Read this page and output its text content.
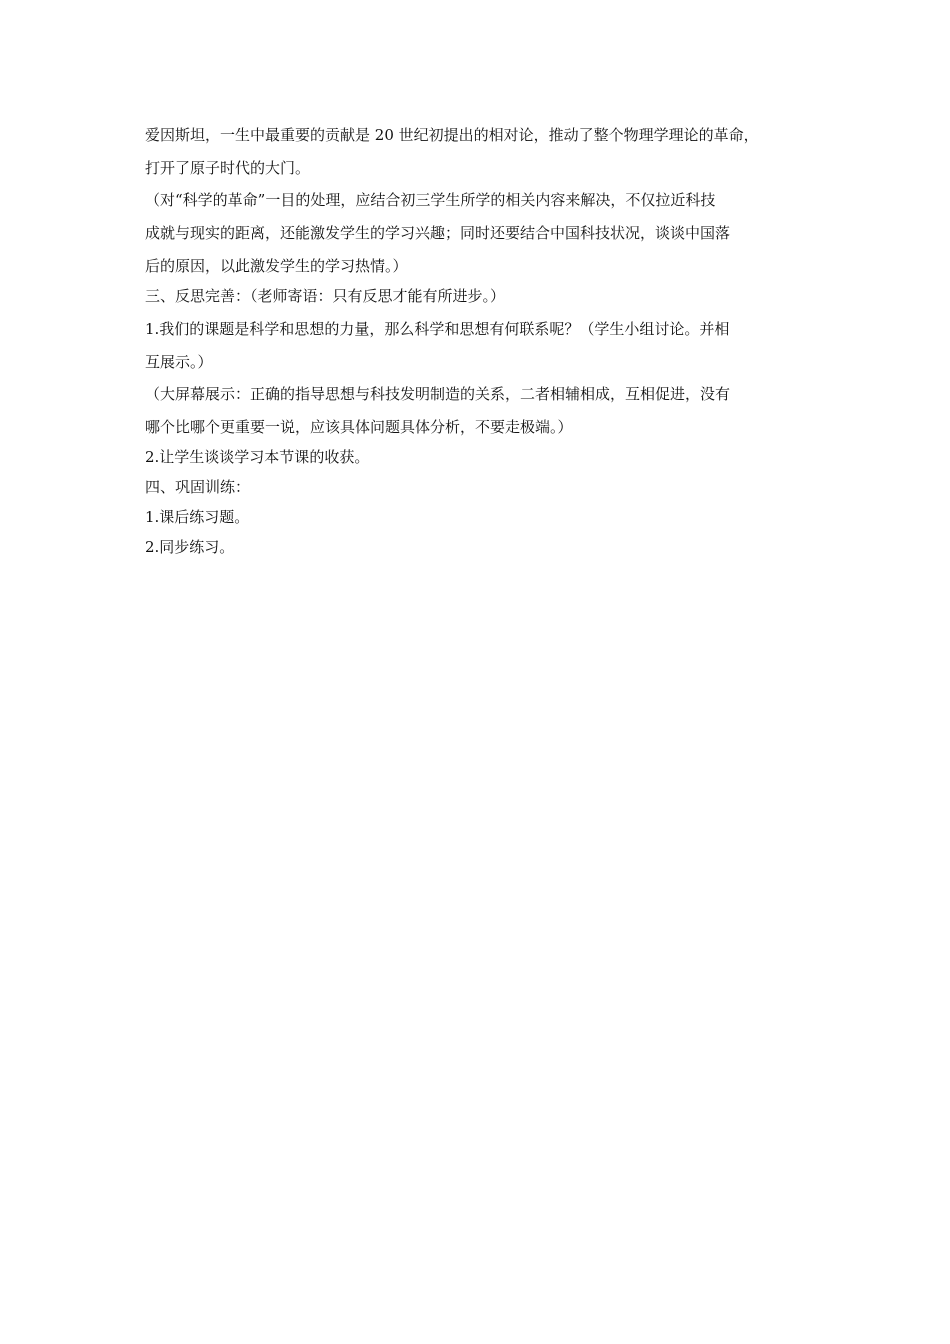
爱因斯坦，一生中最重要的贡献是 20 世纪初提出的相对论，推动了整个物理学理论的革命，

打开了原子时代的大门。

（对“科学的革命”一目的处理，应结合初三学生所学的相关内容来解决，不仅拉近科技

成就与现实的距离，还能激发学生的学习兴趣；同时还要结合中国科技状况，谈谈中国落

后的原因，以此激发学生的学习热情。）

三、反思完善：（老师寄语：只有反思才能有所进步。）

1.我们的课题是科学和思想的力量，那么科学和思想有何联系呢？（学生小组讨论。并相

互展示。）

（大屏幕展示：正确的指导思想与科技发明制造的关系，二者相辅相成，互相促进，没有

哪个比哪个更重要一说，应该具体问题具体分析，不要走极端。）

2.让学生谈谈学习本节课的收获。

四、巩固训练：

1.课后练习题。

2.同步练习。
